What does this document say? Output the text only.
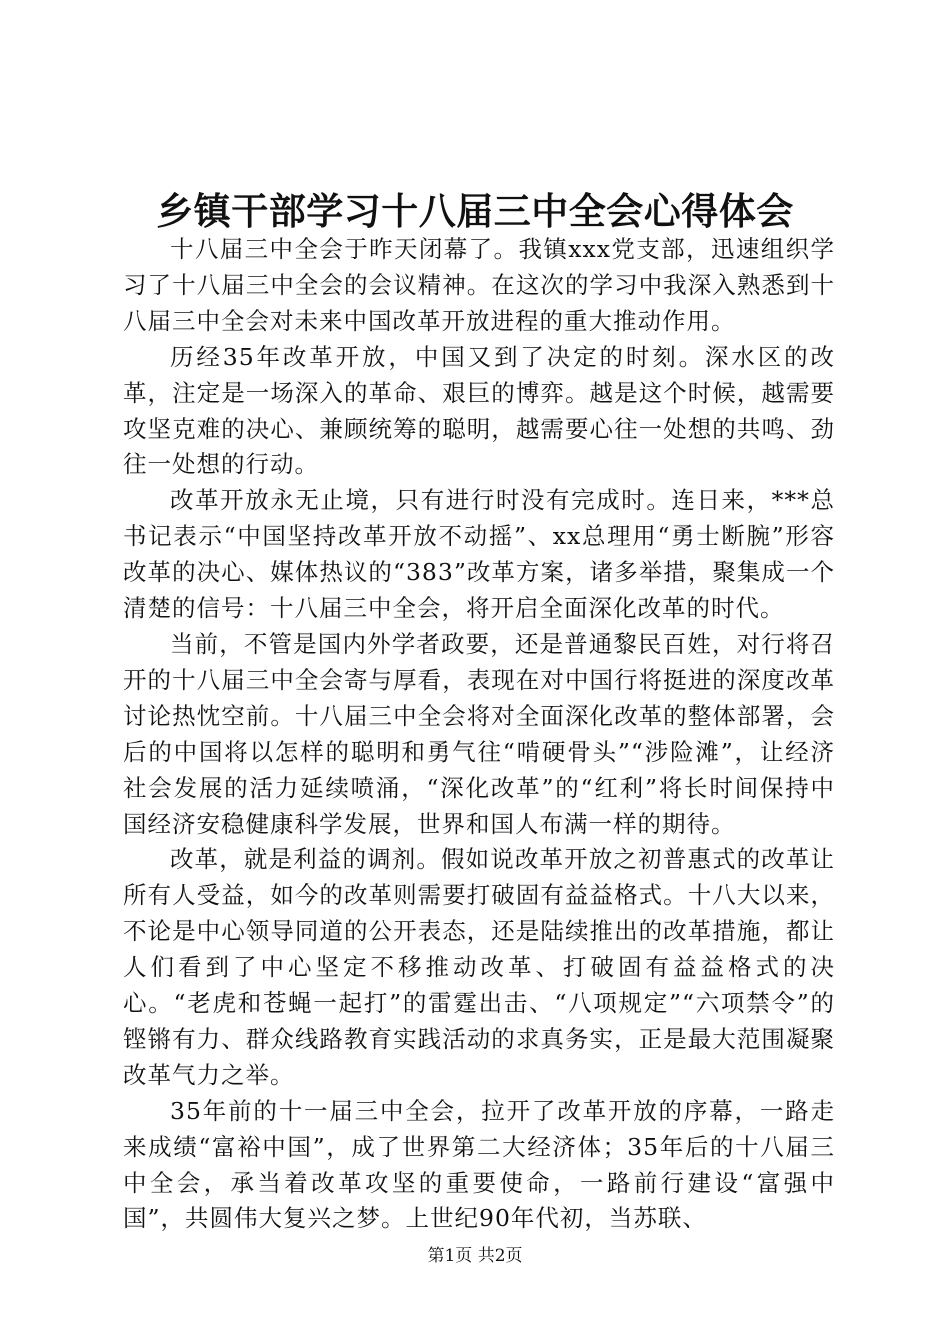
乡镇干部学习十八届三中全会心得体会

十八届三中全会于昨天闭幕了。我镇xxx党支部，迅速组织学习了十八届三中全会的会议精神。在这次的学习中我深入熟悉到十八届三中全会对未来中国改革开放进程的重大推动作用。

历经35年改革开放，中国又到了决定的时刻。深水区的改革，注定是一场深入的革命、艰巨的博弈。越是这个时候，越需要攻坚克难的决心、兼顾统筹的聪明，越需要心往一处想的共鸣、劲往一处想的行动。

改革开放永无止境，只有进行时没有完成时。连日来，***总书记表示“中国坚持改革开放不动摇”、xx总理用“勇士断腕”形容改革的决心、媒体热议的“383”改革方案，诸多举措，聚集成一个清楚的信号：十八届三中全会，将开启全面深化改革的时代。

当前，不管是国内外学者政要，还是普通黎民百姓，对行将召开的十八届三中全会寄与厚看，表现在对中国行将挺进的深度改革讨论热忱空前。十八届三中全会将对全面深化改革的整体部署，会后的中国将以怎样的聪明和勇气往“啃硬骨头”“涉险滩”，让经济社会发展的活力延续喷涌，“深化改革”的“红利”将长时间保持中国经济安稳健康科学发展，世界和国人布满一样的期待。

改革，就是利益的调剂。假如说改革开放之初普惠式的改革让所有人受益，如今的改革则需要打破固有益益格式。十八大以来，不论是中心领导同道的公开表态，还是陆续推出的改革措施，都让人们看到了中心坚定不移推动改革、打破固有益益格式的决心。“老虎和苍蝇一起打”的雷霆出击、“八项规定”“六项禁令”的铿锵有力、群众线路教育实践活动的求真务实，正是最大范围凝聚改革气力之举。

35年前的十一届三中全会，拉开了改革开放的序幕，一路走来成绩“富裕中国”，成了世界第二大经济体；35年后的十八届三中全会，承当着改革攻坚的重要使命，一路前行建设“富强中国”，共圆伟大复兴之梦。上世纪90年代初，当苏联、

第1页 共2页
